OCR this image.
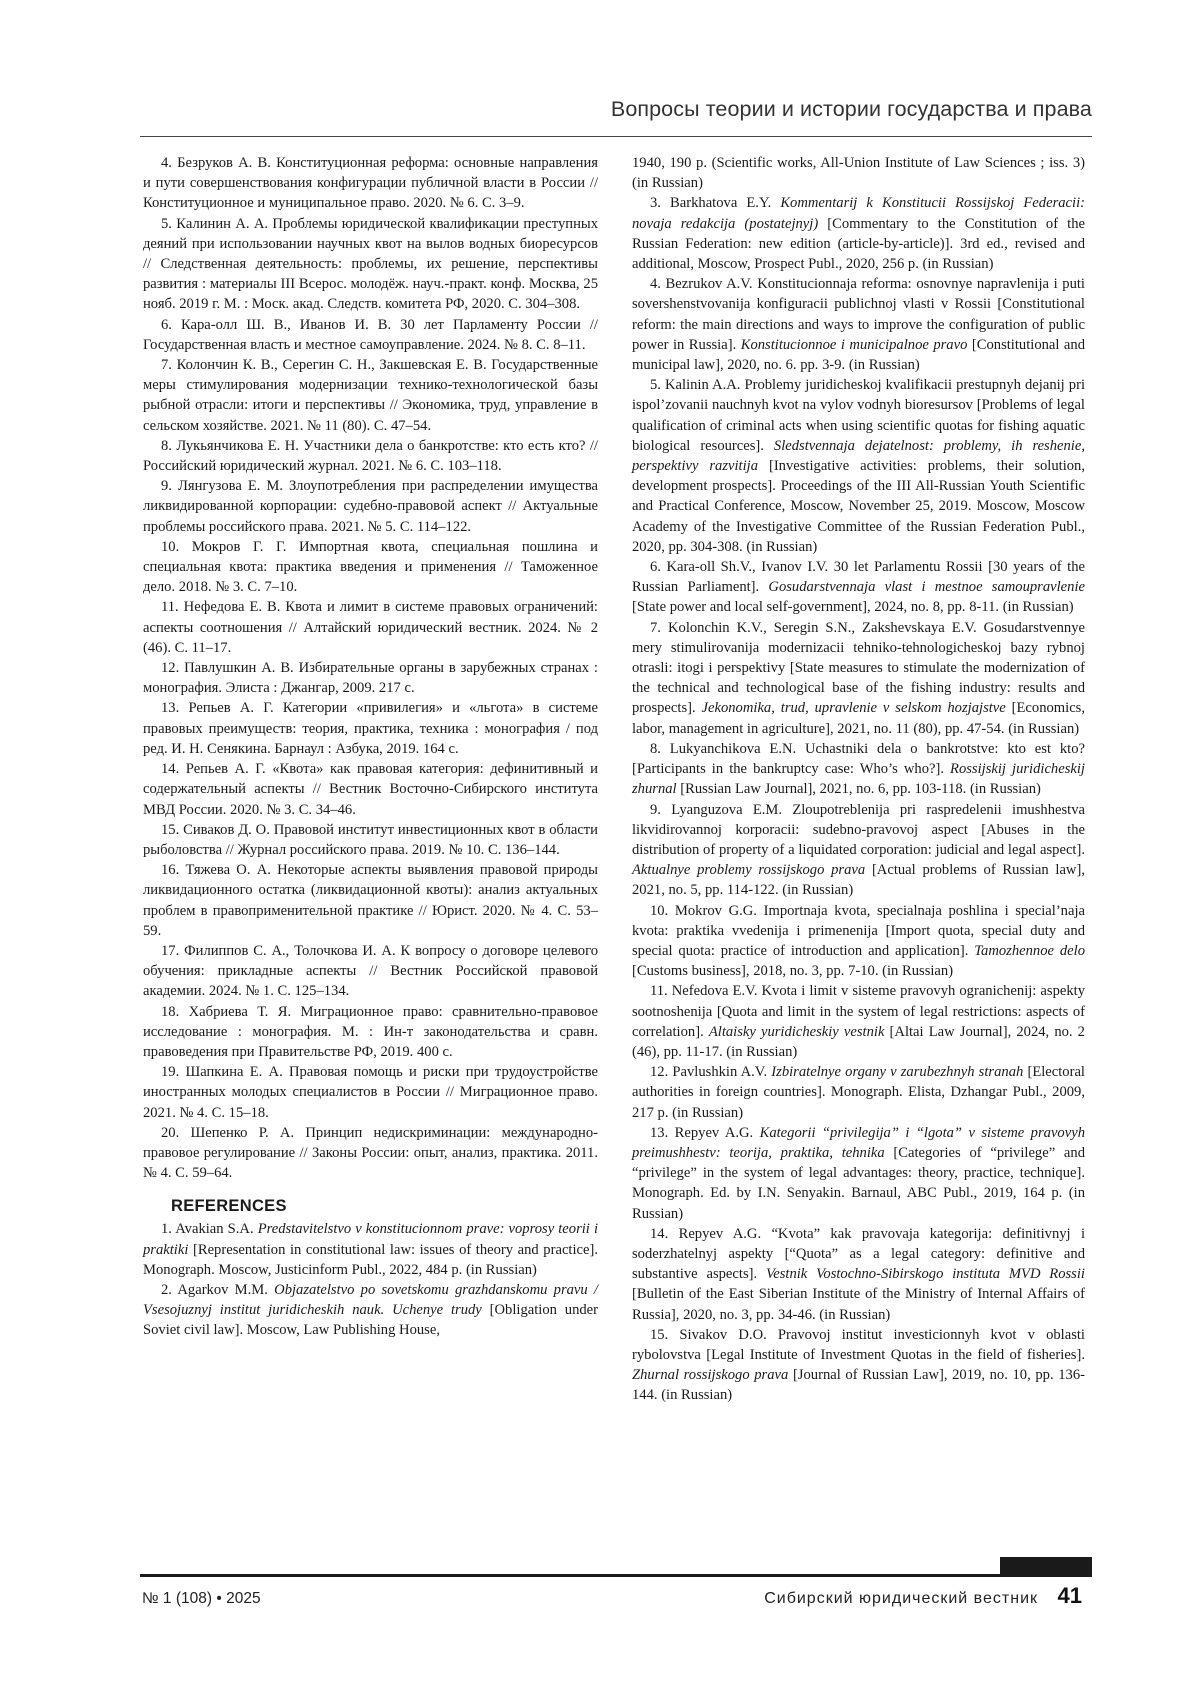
Вопросы теории и истории государства и права

4. Безруков А. В. Конституционная реформа: основные направления и пути совершенствования конфигурации публичной власти в России // Конституционное и муниципальное право. 2020. № 6. С. 3–9.

5. Калинин А. А. Проблемы юридической квалификации преступных деяний при использовании научных квот на вылов водных биоресурсов // Следственная деятельность: проблемы, их решение, перспективы развития : материалы III Всерос. молодёж. науч.-практ. конф. Москва, 25 нояб. 2019 г. М. : Моск. акад. Следств. комитета РФ, 2020. С. 304–308.

6. Кара-олл Ш. В., Иванов И. В. 30 лет Парламенту России // Государственная власть и местное самоуправление. 2024. № 8. С. 8–11.

7. Колончин К. В., Серегин С. Н., Закшевская Е. В. Государственные меры стимулирования модернизации технико-технологической базы рыбной отрасли: итоги и перспективы // Экономика, труд, управление в сельском хозяйстве. 2021. № 11 (80). С. 47–54.

8. Лукьянчикова Е. Н. Участники дела о банкротстве: кто есть кто? // Российский юридический журнал. 2021. № 6. С. 103–118.

9. Лянгузова Е. М. Злоупотребления при распределении имущества ликвидированной корпорации: судебно-правовой аспект // Актуальные проблемы российского права. 2021. № 5. С. 114–122.

10. Мокров Г. Г. Импортная квота, специальная пошлина и специальная квота: практика введения и применения // Таможенное дело. 2018. № 3. С. 7–10.

11. Нефедова Е. В. Квота и лимит в системе правовых ограничений: аспекты соотношения // Алтайский юридический вестник. 2024. № 2 (46). С. 11–17.

12. Павлушкин А. В. Избирательные органы в зарубежных странах : монография. Элиста : Джангар, 2009. 217 с.

13. Репьев А. Г. Категории «привилегия» и «льгота» в системе правовых преимуществ: теория, практика, техника : монография / под ред. И. Н. Сенякина. Барнаул : Азбука, 2019. 164 с.

14. Репьев А. Г. «Квота» как правовая категория: дефинитивный и содержательный аспекты // Вестник Восточно-Сибирского института МВД России. 2020. № 3. С. 34–46.

15. Сиваков Д. О. Правовой институт инвестиционных квот в области рыболовства // Журнал российского права. 2019. № 10. С. 136–144.

16. Тяжева О. А. Некоторые аспекты выявления правовой природы ликвидационного остатка (ликвидационной квоты): анализ актуальных проблем в правоприменительной практике // Юрист. 2020. № 4. С. 53–59.

17. Филиппов С. А., Толочкова И. А. К вопросу о договоре целевого обучения: прикладные аспекты // Вестник Российской правовой академии. 2024. № 1. С. 125–134.

18. Хабриева Т. Я. Миграционное право: сравнительно-правовое исследование : монография. М. : Ин-т законодательства и сравн. правоведения при Правительстве РФ, 2019. 400 с.

19. Шапкина Е. А. Правовая помощь и риски при трудоустройстве иностранных молодых специалистов в России // Миграционное право. 2021. № 4. С. 15–18.

20. Шепенко Р. А. Принцип недискриминации: международно-правовое регулирование // Законы России: опыт, анализ, практика. 2011. № 4. С. 59–64.

REFERENCES

1. Avakian S.A. Predstavitelstvo v konstitucionnom prave: voprosy teorii i praktiki [Representation in constitutional law: issues of theory and practice]. Monograph. Moscow, Justicinform Publ., 2022, 484 p. (in Russian)

2. Agarkov M.M. Objazatelstvo po sovetskomu grazhdanskomu pravu / Vsesojuznyj institut juridicheskih nauk. Uchenye trudy [Obligation under Soviet civil law]. Moscow, Law Publishing House,

1940, 190 p. (Scientific works, All-Union Institute of Law Sciences ; iss. 3) (in Russian)

3. Barkhatova E.Y. Kommentarij k Konstitucii Rossijskoj Federacii: novaja redakcija (postatejnyj) [Commentary to the Constitution of the Russian Federation: new edition (article-by-article)]. 3rd ed., revised and additional, Moscow, Prospect Publ., 2020, 256 p. (in Russian)

4. Bezrukov A.V. Konstitucionnaja reforma: osnovnye napravlenija i puti sovershenstvovanija konfiguracii publichnoj vlasti v Rossii [Constitutional reform: the main directions and ways to improve the configuration of public power in Russia]. Konstitucionnoe i municipalnoe pravo [Constitutional and municipal law], 2020, no. 6. pp. 3-9. (in Russian)

5. Kalinin A.A. Problemy juridicheskoj kvalifikacii prestupnyh dejanij pri ispol’zovanii nauchnyh kvot na vylov vodnyh bioresursov [Problems of legal qualification of criminal acts when using scientific quotas for fishing aquatic biological resources]. Sledstvennaja dejatelnost: problemy, ih reshenie, perspektivy razvitija [Investigative activities: problems, their solution, development prospects]. Proceedings of the III All-Russian Youth Scientific and Practical Conference, Moscow, November 25, 2019. Moscow, Moscow Academy of the Investigative Committee of the Russian Federation Publ., 2020, pp. 304-308. (in Russian)

6. Kara-oll Sh.V., Ivanov I.V. 30 let Parlamentu Rossii [30 years of the Russian Parliament]. Gosudarstvennaja vlast i mestnoe samoupravlenie [State power and local self-government], 2024, no. 8, pp. 8-11. (in Russian)

7. Kolonchin K.V., Seregin S.N., Zakshevskaya E.V. Gosudarstvennye mery stimulirovanija modernizacii tehniko-tehnologicheskoj bazy rybnoj otrasli: itogi i perspektivy [State measures to stimulate the modernization of the technical and technological base of the fishing industry: results and prospects]. Jekonomika, trud, upravlenie v selskom hozjajstve [Economics, labor, management in agriculture], 2021, no. 11 (80), pp. 47-54. (in Russian)

8. Lukyanchikova E.N. Uchastniki dela o bankrotstve: kto est kto? [Participants in the bankruptcy case: Who’s who?]. Rossijskij juridicheskij zhurnal [Russian Law Journal], 2021, no. 6, pp. 103-118. (in Russian)

9. Lyanguzova E.M. Zloupotreblenija pri raspredelenii imushhestva likvidirovannoj korporacii: sudebno-pravovoj aspect [Abuses in the distribution of property of a liquidated corporation: judicial and legal aspect]. Aktualnye problemy rossijskogo prava [Actual problems of Russian law], 2021, no. 5, pp. 114-122. (in Russian)

10. Mokrov G.G. Importnaja kvota, specialnaja poshlina i special’naja kvota: praktika vvedenija i primenenija [Import quota, special duty and special quota: practice of introduction and application]. Tamozhennoe delo [Customs business], 2018, no. 3, pp. 7-10. (in Russian)

11. Nefedova E.V. Kvota i limit v sisteme pravovyh ogranichenij: aspekty sootnoshenija [Quota and limit in the system of legal restrictions: aspects of correlation]. Altaisky yuridicheskiy vestnik [Altai Law Journal], 2024, no. 2 (46), pp. 11-17. (in Russian)

12. Pavlushkin A.V. Izbiratelnye organy v zarubezhnyh stranah [Electoral authorities in foreign countries]. Monograph. Elista, Dzhangar Publ., 2009, 217 p. (in Russian)

13. Repyev A.G. Kategorii “privilegija” i “lgota” v sisteme pravovyh preimushhestv: teorija, praktika, tehnika [Categories of “privilege” and “privilege” in the system of legal advantages: theory, practice, technique]. Monograph. Ed. by I.N. Senyakin. Barnaul, ABC Publ., 2019, 164 p. (in Russian)

14. Repyev A.G. “Kvota” kak pravovaja kategorija: definitivnyj i soderzhatelnyj aspekty [“Quota” as a legal category: definitive and substantive aspects]. Vestnik Vostochno-Sibirskogo instituta MVD Rossii [Bulletin of the East Siberian Institute of the Ministry of Internal Affairs of Russia], 2020, no. 3, pp. 34-46. (in Russian)

15. Sivakov D.O. Pravovoj institut investicionnyh kvot v oblasti rybolovstva [Legal Institute of Investment Quotas in the field of fisheries]. Zhurnal rossijskogo prava [Journal of Russian Law], 2019, no. 10, pp. 136-144. (in Russian)

№ 1 (108) • 2025	Сибирский юридический вестник 41
